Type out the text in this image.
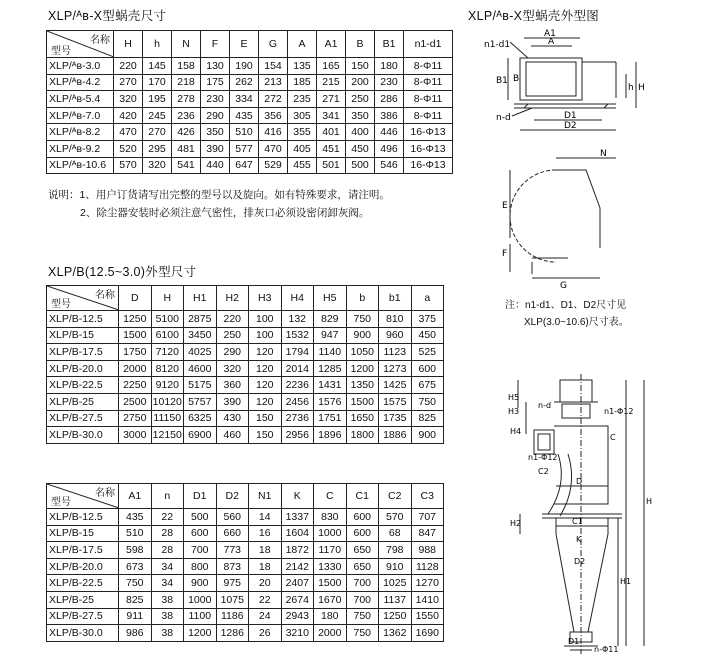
XLP/ᴬʙ-X型蜗壳尺寸
名称
型号	H	h	N	F	E	G	A	A1	B	B1	n1-d1
XLP/ᴬʙ-3.0	220	145	158	130	190	154	135	165	150	180	8-Φ11
XLP/ᴬʙ-4.2	270	170	218	175	262	213	185	215	200	230	8-Φ11
XLP/ᴬʙ-5.4	320	195	278	230	334	272	235	271	250	286	8-Φ11
XLP/ᴬʙ-7.0	420	245	236	290	435	356	305	341	350	386	8-Φ11
XLP/ᴬʙ-8.2	470	270	426	350	510	416	355	401	400	446	16-Φ13
XLP/ᴬʙ-9.2	520	295	481	390	577	470	405	451	450	496	16-Φ13
XLP/ᴬʙ-10.6	570	320	541	440	647	529	455	501	500	546	16-Φ13
说明：1、用户订货请写出完整的型号以及旋向。如有特殊要求，请注明。
2、除尘器安装时必须注意气密性，排灰口必须设密闭卸灰阀。
XLP/B(12.5~3.0)外型尺寸
名称
型号	D	H	H1	H2	H3	H4	H5	b	b1	a
XLP/B-12.5	1250	5100	2875	220	100	132	829	750	810	375
XLP/B-15	1500	6100	3450	250	100	1532	947	900	960	450
XLP/B-17.5	1750	7120	4025	290	120	1794	1140	1050	1123	525
XLP/B-20.0	2000	8120	4600	320	120	2014	1285	1200	1273	600
XLP/B-22.5	2250	9120	5175	360	120	2236	1431	1350	1425	675
XLP/B-25	2500	10120	5757	390	120	2456	1576	1500	1575	750
XLP/B-27.5	2750	11150	6325	430	150	2736	1751	1650	1735	825
XLP/B-30.0	3000	12150	6900	460	150	2956	1896	1800	1886	900
名称
型号	A1	n	D1	D2	N1	K	C	C1	C2	C3
XLP/B-12.5	435	22	500	560	14	1337	830	600	570	707
XLP/B-15	510	28	600	660	16	1604	1000	600	68	847
XLP/B-17.5	598	28	700	773	18	1872	1170	650	798	988
XLP/B-20.0	673	34	800	873	18	2142	1330	650	910	1128
XLP/B-22.5	750	34	900	975	20	2407	1500	700	1025	1270
XLP/B-25	825	38	1000	1075	22	2674	1670	700	1137	1410
XLP/B-27.5	911	38	1100	1186	24	2943	180	750	1250	1550
XLP/B-30.0	986	38	1200	1286	26	3210	2000	750	1362	1690
XLP/ᴬʙ-X型蜗壳外型图
n1-d1
A1
A
B1 B
h H
n-d	D1
D2
N
E
F
G
注：n1-d1、D1、D2尺寸见
XLP(3.0~10.6)尺寸表。
H5
H3
H4
n-d
n1-Φ12
C
n1-Φ12
C2
D
H2
K
C1
H
H1
D2
D1
n-Φ11
